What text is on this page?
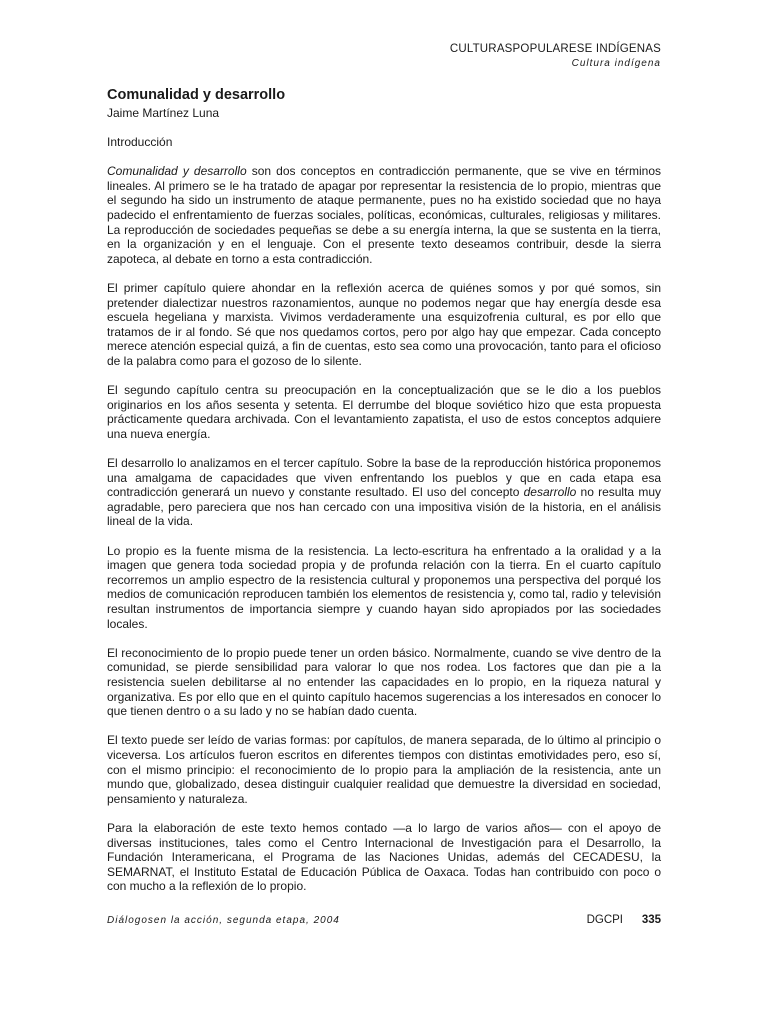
CULTURASPOPULARESE INDÍGENAS
Cultura indígena
Comunalidad y desarrollo
Jaime Martínez Luna

Introducción

Comunalidad y desarrollo son dos conceptos en contradicción permanente, que se vive en términos lineales. Al primero se le ha tratado de apagar por representar la resistencia de lo propio, mientras que el segundo ha sido un instrumento de ataque permanente, pues no ha existido sociedad que no haya padecido el enfrentamiento de fuerzas sociales, políticas, económicas, culturales, religiosas y militares. La reproducción de sociedades pequeñas se debe a su energía interna, la que se sustenta en la tierra, en la organización y en el lenguaje. Con el presente texto deseamos contribuir, desde la sierra zapoteca, al debate en torno a esta contradicción.

El primer capítulo quiere ahondar en la reflexión acerca de quiénes somos y por qué somos, sin pretender dialectizar nuestros razonamientos, aunque no podemos negar que hay energía desde esa escuela hegeliana y marxista. Vivimos verdaderamente una esquizofrenia cultural, es por ello que tratamos de ir al fondo. Sé que nos quedamos cortos, pero por algo hay que empezar. Cada concepto merece atención especial quizá, a fin de cuentas, esto sea como una provocación, tanto para el oficioso de la palabra como para el gozoso de lo silente.

El segundo capítulo centra su preocupación en la conceptualización que se le dio a los pueblos originarios en los años sesenta y setenta. El derrumbe del bloque soviético hizo que esta propuesta prácticamente quedara archivada. Con el levantamiento zapatista, el uso de estos conceptos adquiere una nueva energía.

El desarrollo lo analizamos en el tercer capítulo. Sobre la base de la reproducción histórica proponemos una amalgama de capacidades que viven enfrentando los pueblos y que en cada etapa esa contradicción generará un nuevo y constante resultado. El uso del concepto desarrollo no resulta muy agradable, pero pareciera que nos han cercado con una impositiva visión de la historia, en el análisis lineal de la vida.

Lo propio es la fuente misma de la resistencia. La lecto-escritura ha enfrentado a la oralidad y a la imagen que genera toda sociedad propia y de profunda relación con la tierra. En el cuarto capítulo recorremos un amplio espectro de la resistencia cultural y proponemos una perspectiva del porqué los medios de comunicación reproducen también los elementos de resistencia y, como tal, radio y televisión resultan instrumentos de importancia siempre y cuando hayan sido apropiados por las sociedades locales.

El reconocimiento de lo propio puede tener un orden básico. Normalmente, cuando se vive dentro de la comunidad, se pierde sensibilidad para valorar lo que nos rodea. Los factores que dan pie a la resistencia suelen debilitarse al no entender las capacidades en lo propio, en la riqueza natural y organizativa. Es por ello que en el quinto capítulo hacemos sugerencias a los interesados en conocer lo que tienen dentro o a su lado y no se habían dado cuenta.

El texto puede ser leído de varias formas: por capítulos, de manera separada, de lo último al principio o viceversa. Los artículos fueron escritos en diferentes tiempos con distintas emotividades pero, eso sí, con el mismo principio: el reconocimiento de lo propio para la ampliación de la resistencia, ante un mundo que, globalizado, desea distinguir cualquier realidad que demuestre la diversidad en sociedad, pensamiento y naturaleza.

Para la elaboración de este texto hemos contado —a lo largo de varios años— con el apoyo de diversas instituciones, tales como el Centro Internacional de Investigación para el Desarrollo, la Fundación Interamericana, el Programa de las Naciones Unidas, además del CECADESU, la SEMARNAT, el Instituto Estatal de Educación Pública de Oaxaca. Todas han contribuido con poco o con mucho a la reflexión de lo propio.

Diálogosen la acción, segunda etapa, 2004	DGCPI 335
